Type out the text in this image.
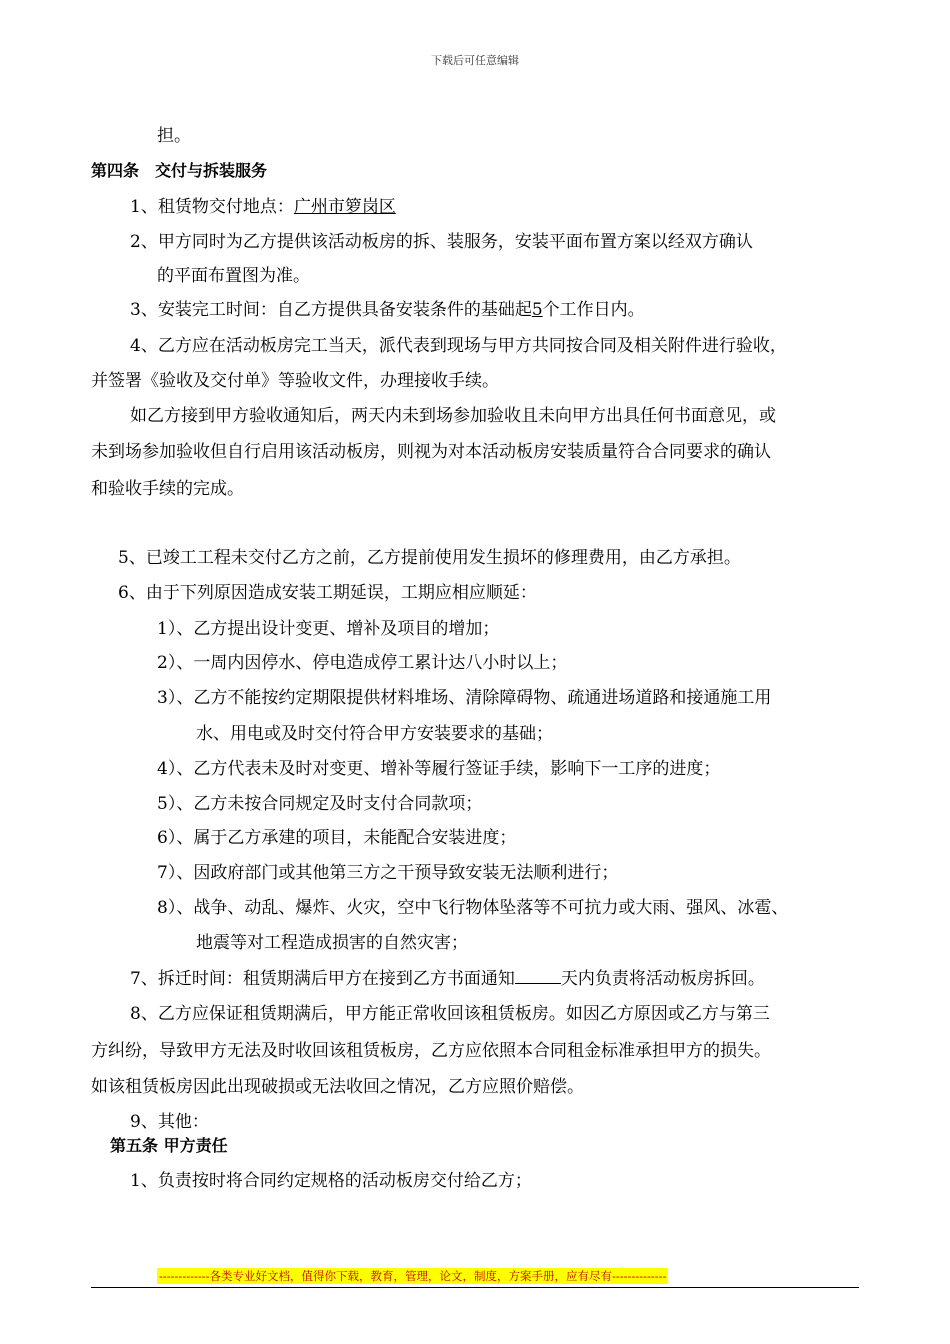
下载后可任意编辑
担。
第四条　交付与拆装服务
1、租赁物交付地点：广州市箩岗区
2、甲方同时为乙方提供该活动板房的拆、装服务，安装平面布置方案以经双方确认
的平面布置图为准。
3、安装完工时间：自乙方提供具备安装条件的基础起5个工作日内。
4、乙方应在活动板房完工当天，派代表到现场与甲方共同按合同及相关附件进行验收，
并签署《验收及交付单》等验收文件，办理接收手续。
如乙方接到甲方验收通知后，两天内未到场参加验收且未向甲方出具任何书面意见，或
未到场参加验收但自行启用该活动板房，则视为对本活动板房安装质量符合合同要求的确认
和验收手续的完成。
5、已竣工工程未交付乙方之前，乙方提前使用发生损坏的修理费用，由乙方承担。
6、由于下列原因造成安装工期延误，工期应相应顺延：
1）、乙方提出设计变更、增补及项目的增加；
2）、一周内因停水、停电造成停工累计达八小时以上；
3）、乙方不能按约定期限提供材料堆场、清除障碍物、疏通进场道路和接通施工用
水、用电或及时交付符合甲方安装要求的基础；
4）、乙方代表未及时对变更、增补等履行签证手续，影响下一工序的进度；
5）、乙方未按合同规定及时支付合同款项；
6）、属于乙方承建的项目，未能配合安装进度；
7）、因政府部门或其他第三方之干预导致安装无法顺利进行；
8）、战争、动乱、爆炸、火灾，空中飞行物体坠落等不可抗力或大雨、强风、冰雹、
地震等对工程造成损害的自然灾害；
7、拆迁时间：租赁期满后甲方在接到乙方书面通知	天内负责将活动板房拆回。
8、乙方应保证租赁期满后，甲方能正常收回该租赁板房。如因乙方原因或乙方与第三
方纠纷，导致甲方无法及时收回该租赁板房，乙方应依照本合同租金标准承担甲方的损失。
如该租赁板房因此出现破损或无法收回之情况，乙方应照价赔偿。
9、其他：
第五条 甲方责任
1、负责按时将合同约定规格的活动板房交付给乙方；
-------------各类专业好文档，值得你下载，教育，管理，论文，制度，方案手册，应有尽有--------------
